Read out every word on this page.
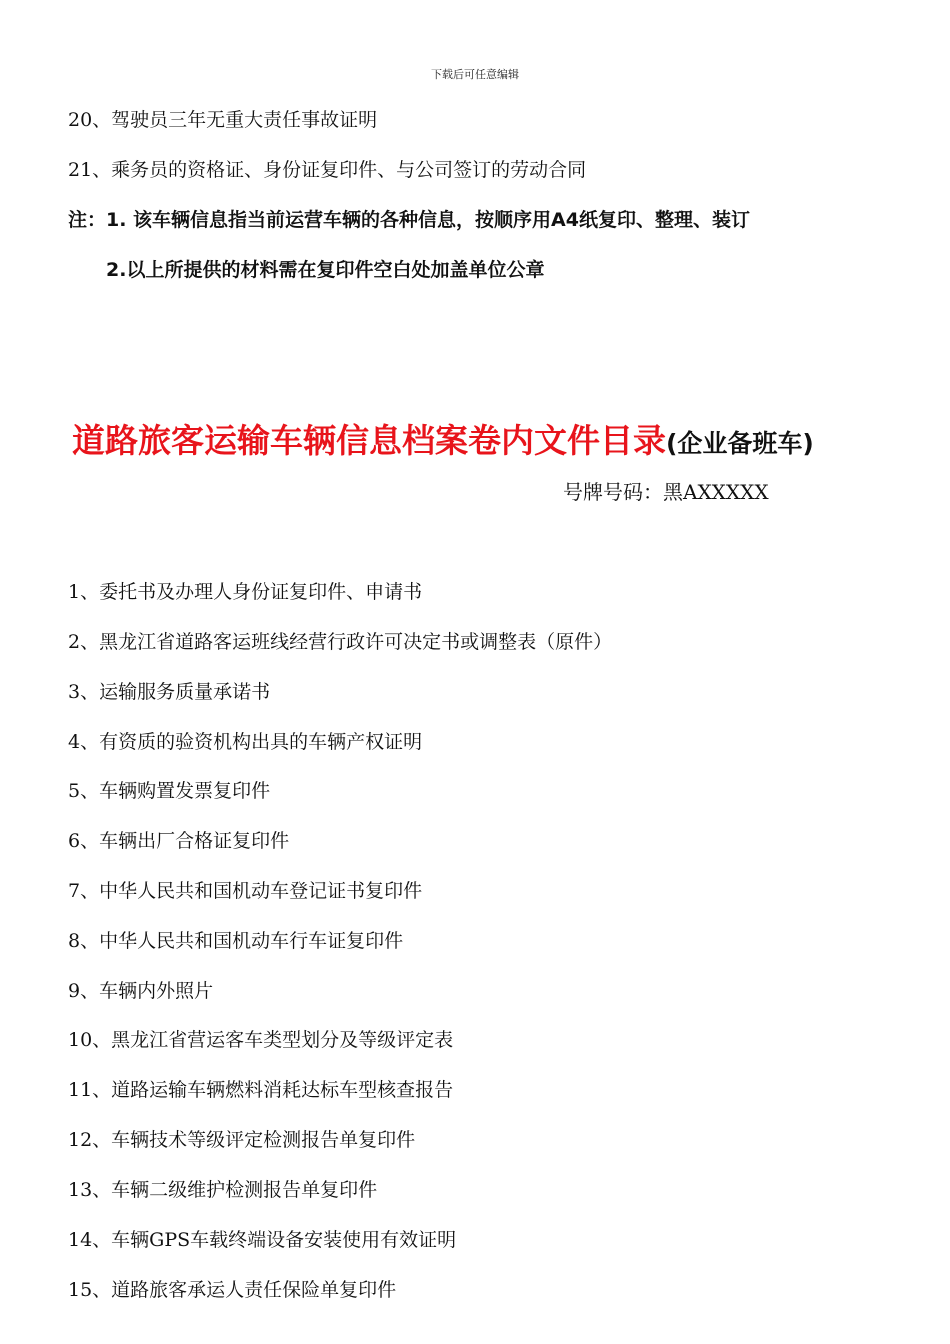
下载后可任意编辑
20、驾驶员三年无重大责任事故证明
21、乘务员的资格证、身份证复印件、与公司签订的劳动合同
注：1. 该车辆信息指当前运营车辆的各种信息，按顺序用A4纸复印、整理、装订
2.以上所提供的材料需在复印件空白处加盖单位公章
道路旅客运输车辆信息档案卷内文件目录(企业备班车)
号牌号码：黑AXXXXX
1、委托书及办理人身份证复印件、申请书
2、黑龙江省道路客运班线经营行政许可决定书或调整表（原件）
3、运输服务质量承诺书
4、有资质的验资机构出具的车辆产权证明
5、车辆购置发票复印件
6、车辆出厂合格证复印件
7、中华人民共和国机动车登记证书复印件
8、中华人民共和国机动车行车证复印件
9、车辆内外照片
10、黑龙江省营运客车类型划分及等级评定表
11、道路运输车辆燃料消耗达标车型核查报告
12、车辆技术等级评定检测报告单复印件
13、车辆二级维护检测报告单复印件
14、车辆GPS车载终端设备安装使用有效证明
15、道路旅客承运人责任保险单复印件
